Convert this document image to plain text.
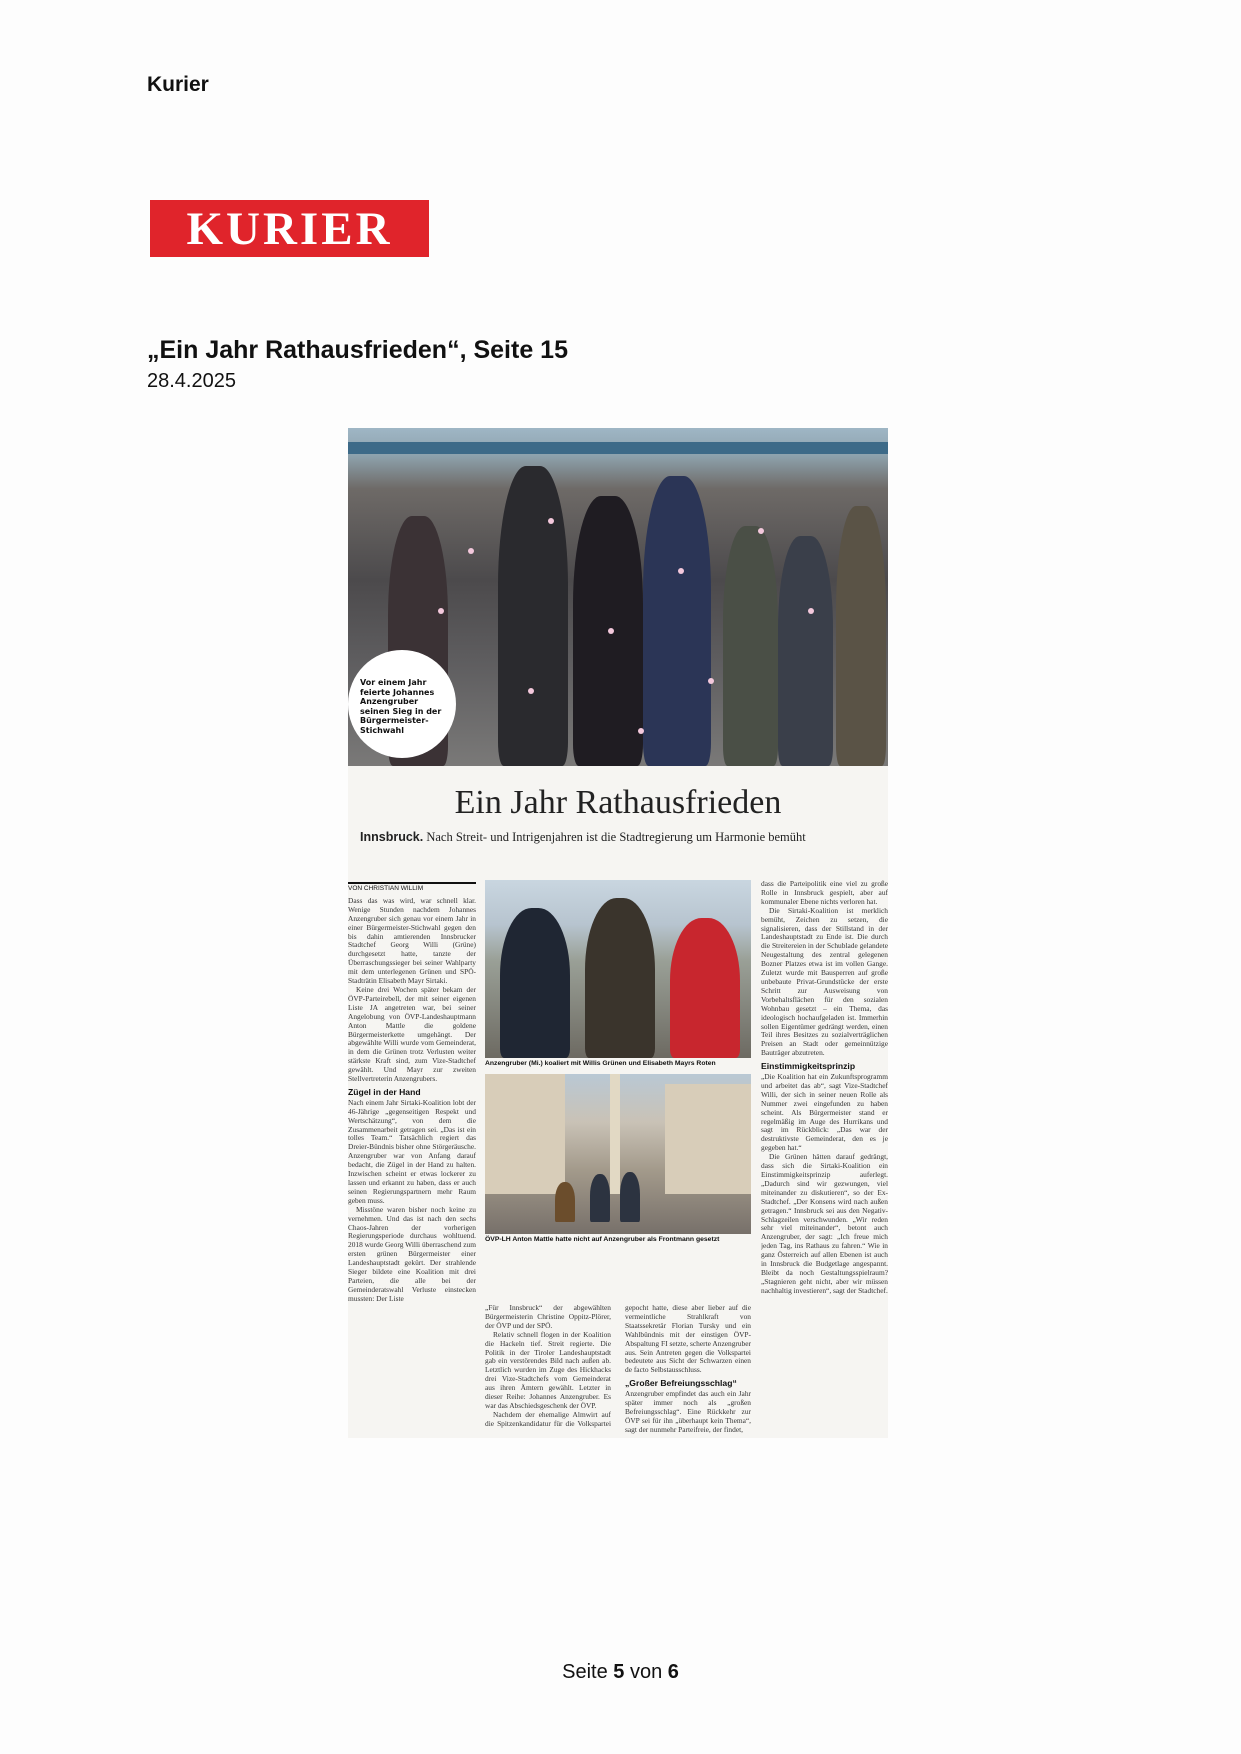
Kurier
KURIER
„Ein Jahr Rathausfrieden“, Seite 15
28.4.2025
Vor einem Jahr feierte Johannes Anzengruber seinen Sieg in der Bürgermeister-Stichwahl
Ein Jahr Rathausfrieden
Innsbruck. Nach Streit- und Intrigenjahren ist die Stadtregierung um Harmonie bemüht
VON CHRISTIAN WILLIM
Dass das was wird, war schnell klar. Wenige Stunden nachdem Johannes Anzengruber sich genau vor einem Jahr in einer Bürgermeister-Stichwahl gegen den bis dahin amtierenden Innsbrucker Stadtchef Georg Willi (Grüne) durchgesetzt hatte, tanzte der Überraschungssieger bei seiner Wahlparty mit dem unterlegenen Grünen und SPÖ-Stadträtin Elisabeth Mayr Sirtaki.
Keine drei Wochen später bekam der ÖVP-Parteirebell, der mit seiner eigenen Liste JA angetreten war, bei seiner Angelobung von ÖVP-Landeshauptmann Anton Mattle die goldene Bürgermeisterkette umgehängt. Der abgewählte Willi wurde vom Gemeinderat, in dem die Grünen trotz Verlusten weiter stärkste Kraft sind, zum Vize-Stadtchef gewählt. Und Mayr zur zweiten Stellvertreterin Anzengrubers.
Zügel in der Hand
Nach einem Jahr Sirtaki-Koalition lobt der 46-Jährige „gegenseitigen Respekt und Wertschätzung“, von dem die Zusammenarbeit getragen sei. „Das ist ein tolles Team.“ Tatsächlich regiert das Dreier-Bündnis bisher ohne Störgeräusche. Anzengruber war von Anfang darauf bedacht, die Zügel in der Hand zu halten. Inzwischen scheint er etwas lockerer zu lassen und erkannt zu haben, dass er auch seinen Regierungspartnern mehr Raum geben muss.
Misstöne waren bisher noch keine zu vernehmen. Und das ist nach den sechs Chaos-Jahren der vorherigen Regierungsperiode durchaus wohltuend. 2018 wurde Georg Willi überraschend zum ersten grünen Bürgermeister einer Landeshauptstadt gekürt. Der strahlende Sieger bildete eine Koalition mit drei Parteien, die alle bei der Gemeinderatswahl Verluste einstecken mussten: Der Liste
Anzengruber (Mi.) koaliert mit Willis Grünen und Elisabeth Mayrs Roten
ÖVP-LH Anton Mattle hatte nicht auf Anzengruber als Frontmann gesetzt
„Für Innsbruck“ der abgewählten Bürgermeisterin Christine Oppitz-Plörer, der ÖVP und der SPÖ.
Relativ schnell flogen in der Koalition die Hackeln tief. Streit regierte. Die Politik in der Tiroler Landeshauptstadt gab ein verstörendes Bild nach außen ab. Letztlich wurden im Zuge des Hickhacks drei Vize-Stadtchefs vom Gemeinderat aus ihren Ämtern gewählt. Letzter in dieser Reihe: Johannes Anzengruber. Es war das Abschiedsgeschenk der ÖVP.
Nachdem der ehemalige Almwirt auf die Spitzenkandidatur für die Volkspartei gepocht hatte, diese aber lieber auf die vermeintliche Strahlkraft von Staatssekretär Florian Tursky und ein Wahlbündnis mit der einstigen ÖVP-Abspaltung FI setzte, scherte Anzengruber aus. Sein Antreten gegen die Volkspartei bedeutete aus Sicht der Schwarzen einen de facto Selbstausschluss.
„Großer Befreiungsschlag“
Anzengruber empfindet das auch ein Jahr später immer noch als „großen Befreiungsschlag“. Eine Rückkehr zur ÖVP sei für ihn „überhaupt kein Thema“, sagt der nunmehr Parteifreie, der findet,
dass die Parteipolitik eine viel zu große Rolle in Innsbruck gespielt, aber auf kommunaler Ebene nichts verloren hat.
Die Sirtaki-Koalition ist merklich bemüht, Zeichen zu setzen, die signalisieren, dass der Stillstand in der Landeshauptstadt zu Ende ist. Die durch die Streitereien in der Schublade gelandete Neugestaltung des zentral gelegenen Bozner Platzes etwa ist im vollen Gange. Zuletzt wurde mit Bausperren auf große unbebaute Privat-Grundstücke der erste Schritt zur Ausweisung von Vorbehaltsflächen für den sozialen Wohnbau gesetzt – ein Thema, das ideologisch hochaufgeladen ist. Immerhin sollen Eigentümer gedrängt werden, einen Teil ihres Besitzes zu sozialverträglichen Preisen an Stadt oder gemeinnützige Bauträger abzutreten.
Einstimmigkeitsprinzip
„Die Koalition hat ein Zukunftsprogramm und arbeitet das ab“, sagt Vize-Stadtchef Willi, der sich in seiner neuen Rolle als Nummer zwei eingefunden zu haben scheint. Als Bürgermeister stand er regelmäßig im Auge des Hurrikans und sagt im Rückblick: „Das war der destruktivste Gemeinderat, den es je gegeben hat.“
Die Grünen hätten darauf gedrängt, dass sich die Sirtaki-Koalition ein Einstimmigkeitsprinzip auferlegt. „Dadurch sind wir gezwungen, viel miteinander zu diskutieren“, so der Ex-Stadtchef. „Der Konsens wird nach außen getragen.“ Innsbruck sei aus den Negativ-Schlagzeilen verschwunden. „Wir reden sehr viel miteinander“, betont auch Anzengruber, der sagt: „Ich freue mich jeden Tag, ins Rathaus zu fahren.“ Wie in ganz Österreich auf allen Ebenen ist auch in Innsbruck die Budgetlage angespannt. Bleibt da noch Gestaltungsspielraum? „Stagnieren geht nicht, aber wir müssen nachhaltig investieren“, sagt der Stadtchef.
Seite 5 von 6
